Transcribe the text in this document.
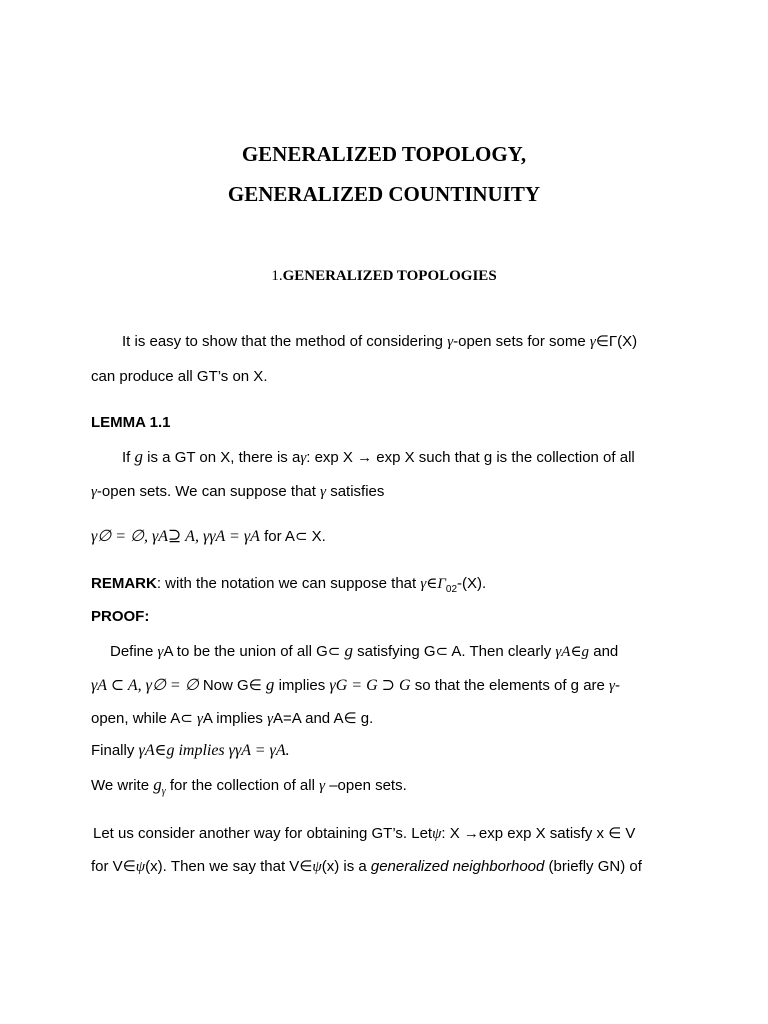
GENERALIZED TOPOLOGY,
GENERALIZED COUNTINUITY
1.GENERALIZED TOPOLOGIES
It is easy to show that the method of considering γ-open sets for some γ∈Γ(X)
can produce all GT’s on X.
LEMMA 1.1
If g is a GT on X, there is aγ: exp X → exp X such that g is the collection of all
γ-open sets. We can suppose that γ satisfies
γ∅ = ∅, γA⊇ A, γγA = γA for A⊂ X.
REMARK: with the notation we can suppose that $\gamma\in\Gamma_{02}-(X)$.
PROOF:
Define γA to be the union of all G⊂ g satisfying G⊂ A. Then clearly γA∈g and
γA ⊂ A, γ∅ = ∅ Now G∈ g implies γG = G ⊃ G so that the elements of g are γ-
open, while A⊂ γA implies γA=A and A∈ g.
Finally γA∈g implies γγA = γA.
We write $g_\gamma$ for the collection of all γ –open sets.
Let us consider another way for obtaining GT’s. Letψ: X →exp exp X satisfy x ∈ V
for V∈ψ(x). Then we say that V∈ψ(x) is a generalized neighborhood (briefly GN) of
